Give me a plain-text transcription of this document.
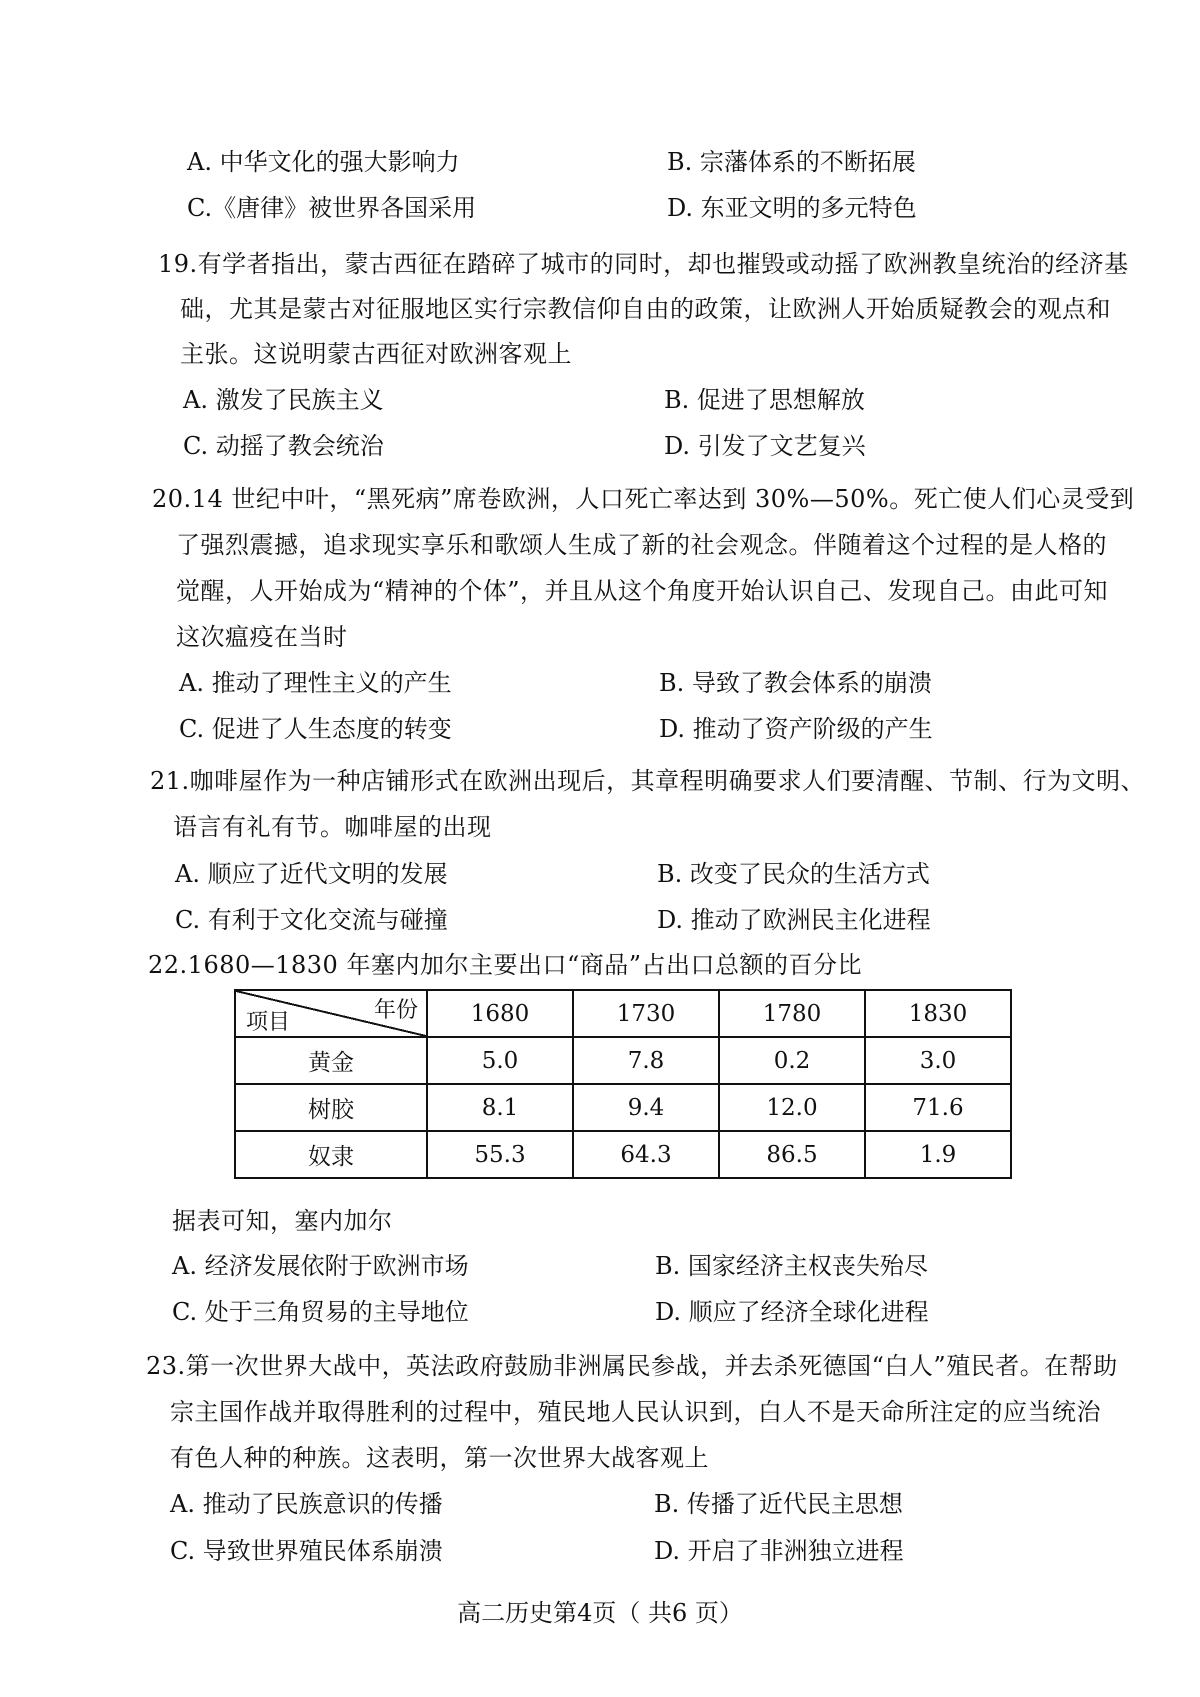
A. 中华文化的强大影响力	B. 宗藩体系的不断拓展
C.《唐律》被世界各国采用	D. 东亚文明的多元特色
19.有学者指出，蒙古西征在踏碎了城市的同时，却也摧毁或动摇了欧洲教皇统治的经济基
础，尤其是蒙古对征服地区实行宗教信仰自由的政策，让欧洲人开始质疑教会的观点和
主张。这说明蒙古西征对欧洲客观上
A. 激发了民族主义	B. 促进了思想解放
C. 动摇了教会统治	D. 引发了文艺复兴
20.14 世纪中叶，“黑死病”席卷欧洲，人口死亡率达到 30%—50%。死亡使人们心灵受到
了强烈震撼，追求现实享乐和歌颂人生成了新的社会观念。伴随着这个过程的是人格的
觉醒，人开始成为“精神的个体”，并且从这个角度开始认识自己、发现自己。由此可知
这次瘟疫在当时
A. 推动了理性主义的产生	B. 导致了教会体系的崩溃
C. 促进了人生态度的转变	D. 推动了资产阶级的产生
21.咖啡屋作为一种店铺形式在欧洲出现后，其章程明确要求人们要清醒、节制、行为文明、
语言有礼有节。咖啡屋的出现
A. 顺应了近代文明的发展	B. 改变了民众的生活方式
C. 有利于文化交流与碰撞	D. 推动了欧洲民主化进程
22.1680—1830 年塞内加尔主要出口“商品”占出口总额的百分比
年份
项目	1680	1730	1780	1830
黄金	5.0	7.8	0.2	3.0
树胶	8.1	9.4	12.0	71.6
奴隶	55.3	64.3	86.5	1.9
据表可知，塞内加尔
A. 经济发展依附于欧洲市场	B. 国家经济主权丧失殆尽
C. 处于三角贸易的主导地位	D. 顺应了经济全球化进程
23.第一次世界大战中，英法政府鼓励非洲属民参战，并去杀死德国“白人”殖民者。在帮助
宗主国作战并取得胜利的过程中，殖民地人民认识到，白人不是天命所注定的应当统治
有色人种的种族。这表明，第一次世界大战客观上
A. 推动了民族意识的传播	B. 传播了近代民主思想
C. 导致世界殖民体系崩溃	D. 开启了非洲独立进程
高二历史第4页（ 共6 页）
